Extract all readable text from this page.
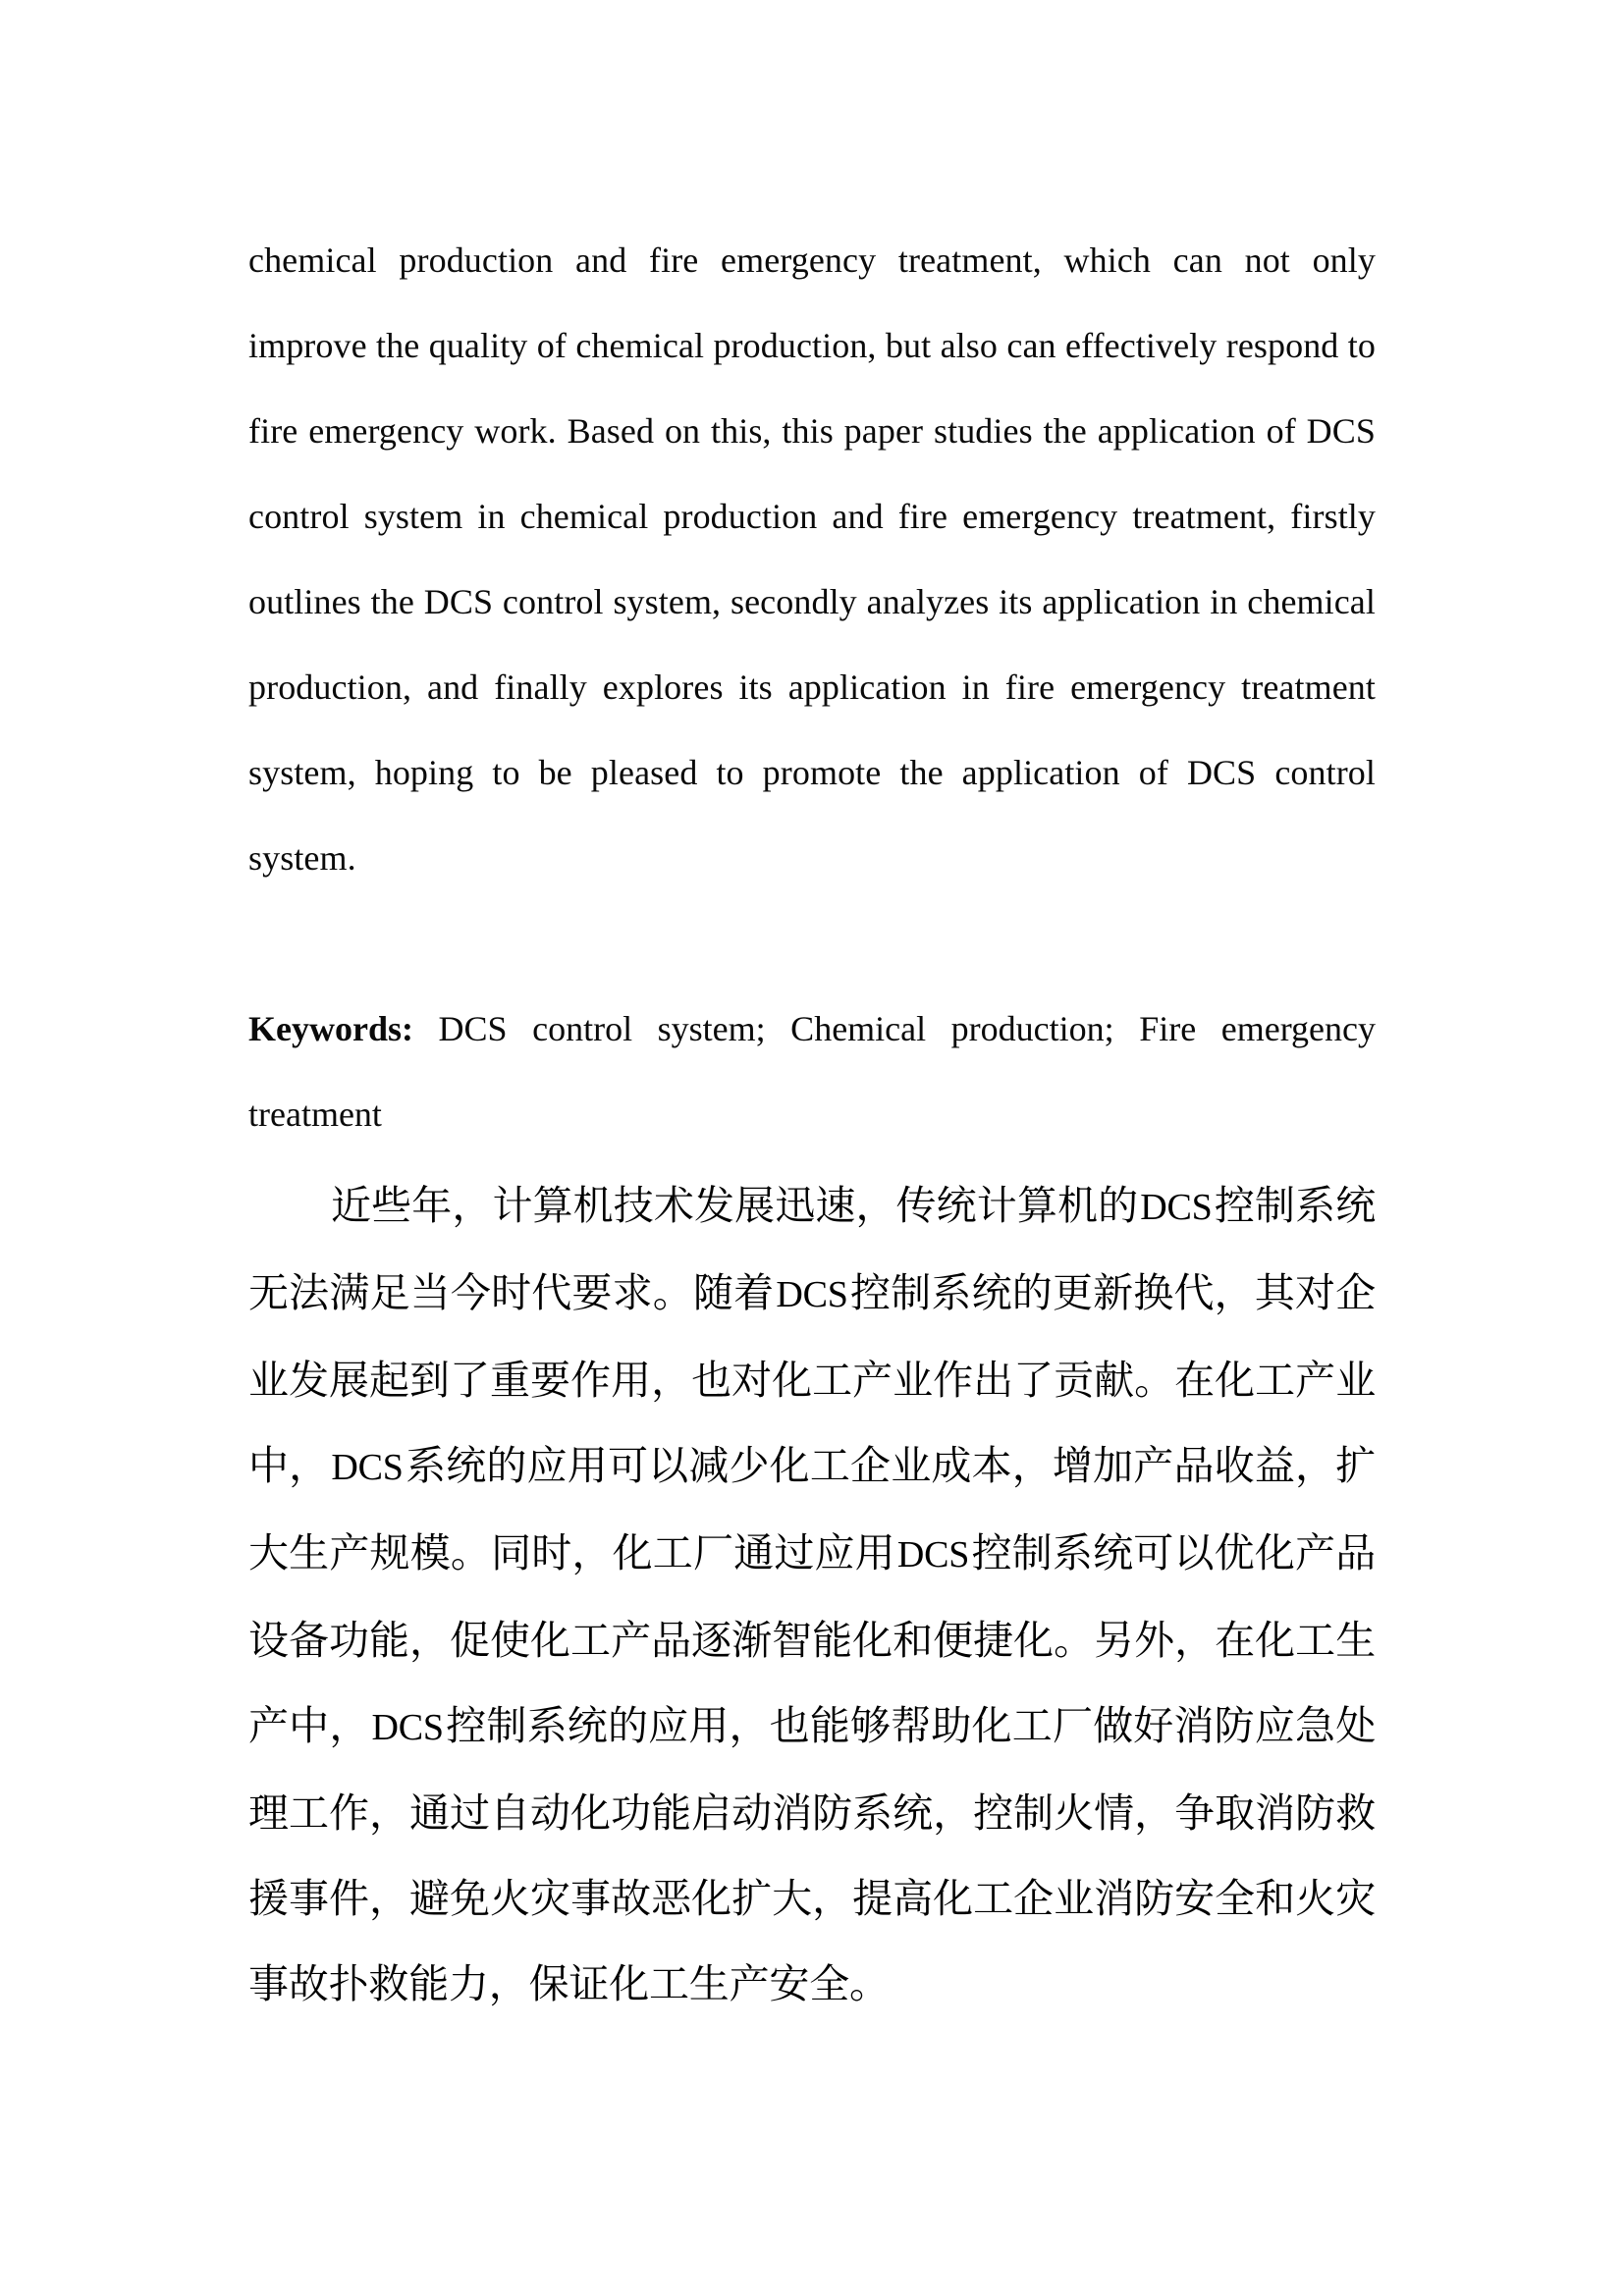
chemical production and fire emergency treatment, which can not only improve the quality of chemical production, but also can effectively respond to fire emergency work. Based on this, this paper studies the application of DCS control system in chemical production and fire emergency treatment, firstly outlines the DCS control system, secondly analyzes its application in chemical production, and finally explores its application in fire emergency treatment system, hoping to be pleased to promote the application of DCS control system.

Keywords: DCS control system; Chemical production; Fire emergency treatment

近些年，计算机技术发展迅速，传统计算机的DCS控制系统无法满足当今时代要求。随着DCS控制系统的更新换代，其对企业发展起到了重要作用，也对化工产业作出了贡献。在化工产业中，DCS系统的应用可以减少化工企业成本，增加产品收益，扩大生产规模。同时，化工厂通过应用DCS控制系统可以优化产品设备功能，促使化工产品逐渐智能化和便捷化。另外，在化工生产中，DCS控制系统的应用，也能够帮助化工厂做好消防应急处理工作，通过自动化功能启动消防系统，控制火情，争取消防救援事件，避免火灾事故恶化扩大，提高化工企业消防安全和火灾事故扑救能力，保证化工生产安全。
